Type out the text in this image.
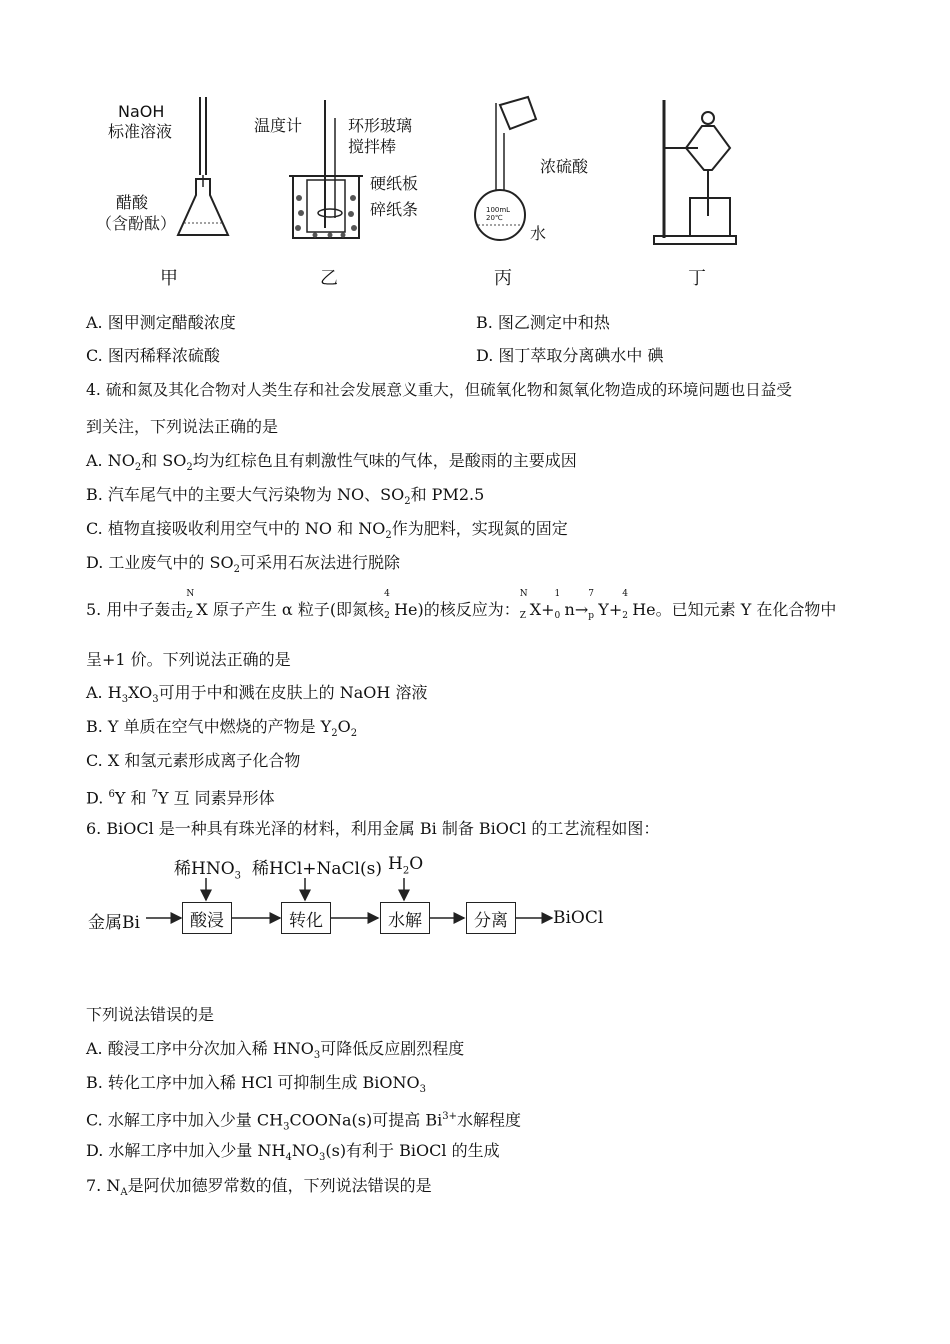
NaOH
标准溶液
醋酸
（含酚酞）
温度计	环形玻璃
搅拌棒
硬纸板
碎纸条	100mL 20℃
浓硫酸
水
甲	乙	丙	丁
A. 图甲测定醋酸浓度	B. 图乙测定中和热
C. 图丙稀释浓硫酸	D. 图丁萃取分离碘水中 碘
4. 硫和氮及其化合物对人类生存和社会发展意义重大，但硫氧化物和氮氧化物造成的环境问题也日益受
到关注，下列说法正确的是
A. $NO_2$和 $SO_2$均为红棕色且有刺激性气味的气体，是酸雨的主要成因
B. 汽车尾气中的主要大气污染物为 NO、$SO_2$和 PM2.5
C. 植物直接吸收利用空气中的 NO 和 $NO_2$作为肥料，实现氮的固定
D. 工业废气中的 $SO_2$可采用石灰法进行脱除
5. 用中子轰击
N
Z X 原子产生 α 粒子(即氮核
4
2 He)的核反应为：
N
Z X+
1
0 n→
7
p Y+
4
2 He。已知元素 Y 在化合物中
呈+1 价。下列说法正确的是
A. $H_3XO_3$可用于中和溅在皮肤上的 NaOH 溶液
B. Y 单质在空气中燃烧的产物是 $Y_2O_2$
C. X 和氢元素形成离子化合物
D. $^6$Y 和 $^7$Y 互 同素异形体
6. BiOCl 是一种具有珠光泽的材料，利用金属 Bi 制备 BiOCl 的工艺流程如图：
金属Bi	酸浸	转化	水解	分离	BiOCl
稀$HNO_3$ 稀HCl+NaCl(s) $H_2O$
下列说法错误的是
A. 酸浸工序中分次加入稀 $HNO_3$可降低反应剧烈程度
B. 转化工序中加入稀 HCl 可抑制生成 BiONO$_3$
C. 水解工序中加入少量 $CH_3COONa(s)$可提高 $Bi^{3+}$水解程度
D. 水解工序中加入少量 $NH_4NO_3(s)$有利于 BiOCl 的生成
7. $N_A$是阿伏加德罗常数的值，下列说法错误的是
